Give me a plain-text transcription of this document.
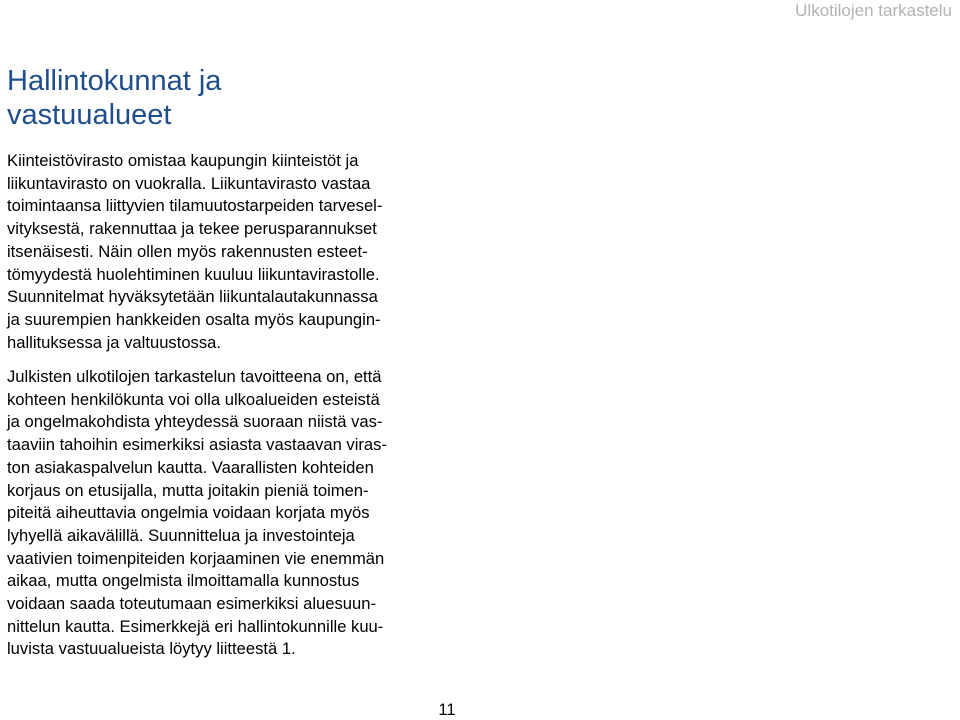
Ulkotilojen tarkastelu
Hallintokunnat ja
vastuualueet

Kiinteistövirasto omistaa kaupungin kiinteistöt ja
liikuntavirasto on vuokralla. Liikuntavirasto vastaa
toimintaansa liittyvien tilamuutostarpeiden tarvesel-
vityksestä, rakennuttaa ja tekee perusparannukset
itsenäisesti. Näin ollen myös rakennusten esteet-
tömyydestä huolehtiminen kuuluu liikuntavirastolle.
Suunnitelmat hyväksytetään liikuntalautakunnassa
ja suurempien hankkeiden osalta myös kaupungin-
hallituksessa ja valtuustossa.

Julkisten ulkotilojen tarkastelun tavoitteena on, että
kohteen henkilökunta voi olla ulkoalueiden esteistä
ja ongelmakohdista yhteydessä suoraan niistä vas-
taaviin tahoihin esimerkiksi asiasta vastaavan viras-
ton asiakaspalvelun kautta. Vaarallisten kohteiden
korjaus on etusijalla, mutta joitakin pieniä toimen-
piteitä aiheuttavia ongelmia voidaan korjata myös
lyhyellä aikavälillä. Suunnittelua ja investointeja
vaativien toimenpiteiden korjaaminen vie enemmän
aikaa, mutta ongelmista ilmoittamalla kunnostus
voidaan saada toteutumaan esimerkiksi aluesuun-
nittelun kautta. Esimerkkejä eri hallintokunnille kuu-
luvista vastuualueista löytyy liitteestä 1.

11
